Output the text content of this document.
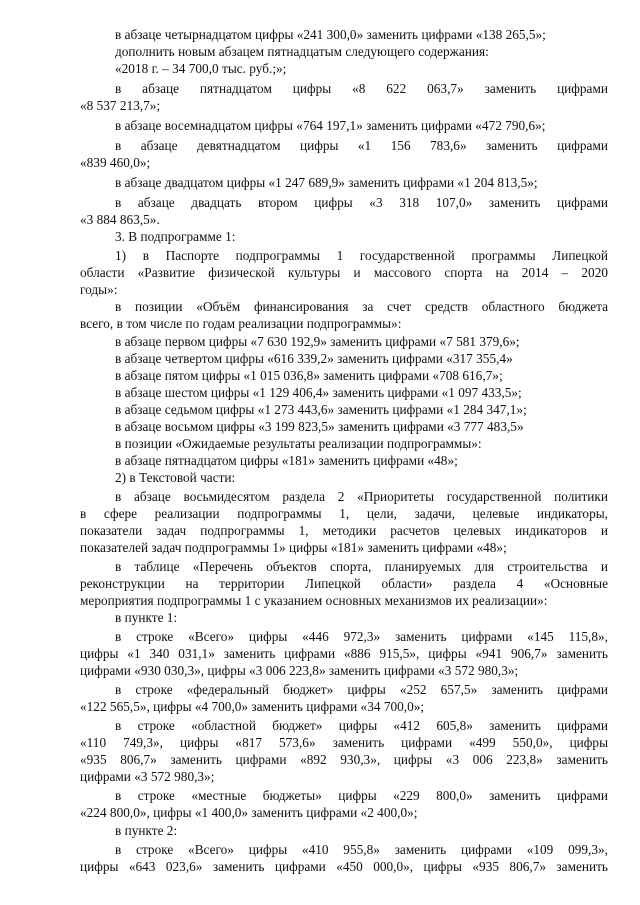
в абзаце четырнадцатом цифры «241 300,0» заменить цифрами «138 265,5»;
дополнить новым абзацем пятнадцатым следующего содержания:
«2018 г. – 34 700,0 тыс. руб.;»;
в абзаце пятнадцатом цифры «8 622 063,7» заменить цифрами
«8 537 213,7»;
в абзаце восемнадцатом цифры «764 197,1» заменить цифрами «472 790,6»;
в абзаце девятнадцатом цифры «1 156 783,6» заменить цифрами
«839 460,0»;
в абзаце двадцатом цифры «1 247 689,9» заменить цифрами «1 204 813,5»;
в абзаце двадцать втором цифры «3 318 107,0» заменить цифрами
«3 884 863,5».
3. В подпрограмме 1:
1) в Паспорте подпрограммы 1 государственной программы Липецкой
области «Развитие физической культуры и массового спорта на 2014 – 2020
годы»:
в позиции «Объём финансирования за счет средств областного бюджета
всего, в том числе по годам реализации подпрограммы»:
в абзаце первом цифры «7 630 192,9» заменить цифрами «7 581 379,6»;
в абзаце четвертом цифры «616 339,2» заменить цифрами «317 355,4»
в абзаце пятом цифры «1 015 036,8» заменить цифрами «708 616,7»;
в абзаце шестом цифры «1 129 406,4» заменить цифрами «1 097 433,5»;
в абзаце седьмом цифры «1 273 443,6» заменить цифрами «1 284 347,1»;
в абзаце восьмом цифры «3 199 823,5» заменить цифрами «3 777 483,5»
в позиции «Ожидаемые результаты реализации подпрограммы»:
в абзаце пятнадцатом цифры «181» заменить цифрами «48»;
2) в Текстовой части:
в абзаце восьмидесятом раздела 2 «Приоритеты государственной политики
в сфере реализации подпрограммы 1, цели, задачи, целевые индикаторы,
показатели задач подпрограммы 1, методики расчетов целевых индикаторов и
показателей задач подпрограммы 1» цифры «181» заменить цифрами «48»;
в таблице «Перечень объектов спорта, планируемых для строительства и
реконструкции на территории Липецкой области» раздела 4 «Основные
мероприятия подпрограммы 1 с указанием основных механизмов их реализации»:
в пункте 1:
в строке «Всего» цифры «446 972,3» заменить цифрами «145 115,8»,
цифры «1 340 031,1» заменить цифрами «886 915,5», цифры «941 906,7» заменить
цифрами «930 030,3», цифры «3 006 223,8» заменить цифрами «3 572 980,3»;
в строке «федеральный бюджет» цифры «252 657,5» заменить цифрами
«122 565,5», цифры «4 700,0» заменить цифрами «34 700,0»;
в строке «областной бюджет» цифры «412 605,8» заменить цифрами
«110 749,3», цифры «817 573,6» заменить цифрами «499 550,0», цифры
«935 806,7» заменить цифрами «892 930,3», цифры «3 006 223,8» заменить
цифрами «3 572 980,3»;
в строке «местные бюджеты» цифры «229 800,0» заменить цифрами
«224 800,0», цифры «1 400,0» заменить цифрами «2 400,0»;
в пункте 2:
в строке «Всего» цифры «410 955,8» заменить цифрами «109 099,3»,
цифры «643 023,6» заменить цифрами «450 000,0», цифры «935 806,7» заменить
